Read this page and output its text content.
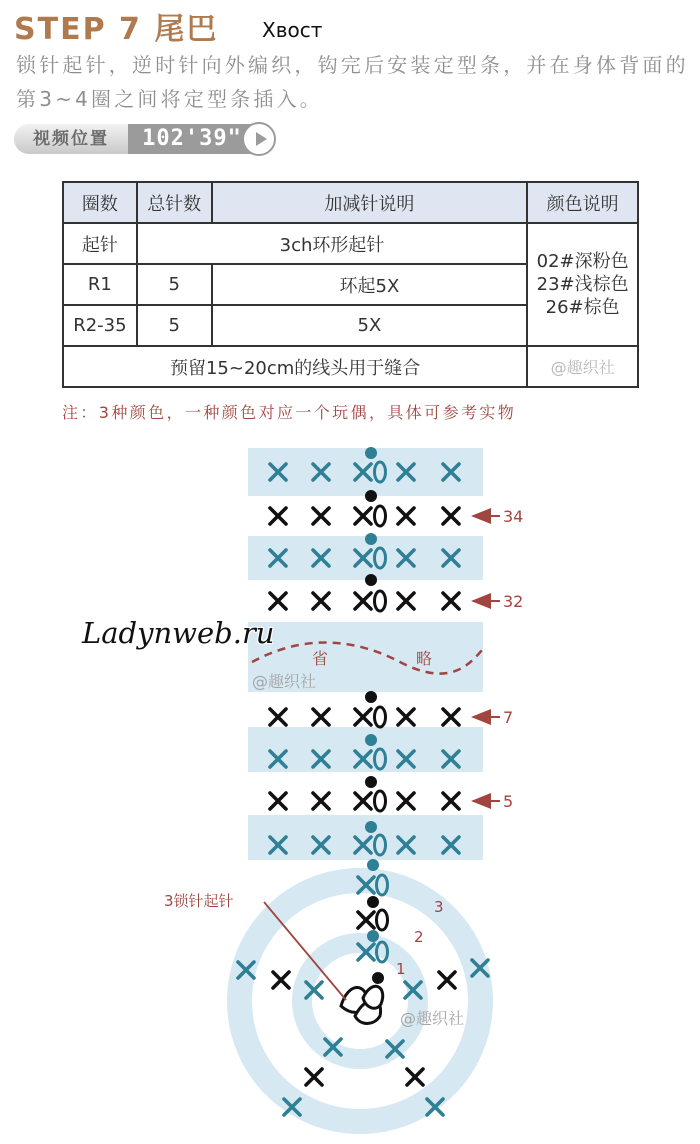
STEP 7 尾巴 Хвост

锁针起针，逆时针向外编织，钩完后安装定型条，并在身体背面的第3~4圈之间将定型条插入。

视频位置	102'39"
圈数	总针数	加减针说明	颜色说明
起针	3ch环形起针		02#深粉色
23#浅棕色
26#棕色

R1	5	环起5X	
R2-35	5	5X	
预留15~20cm的线头用于缝合			@趣织社
注：3种颜色，一种颜色对应一个玩偶，具体可参考实物
省	略
@趣织社
1
2
3
@趣织社
3锁针起针
34
32
7
5
Ladynweb.ru
